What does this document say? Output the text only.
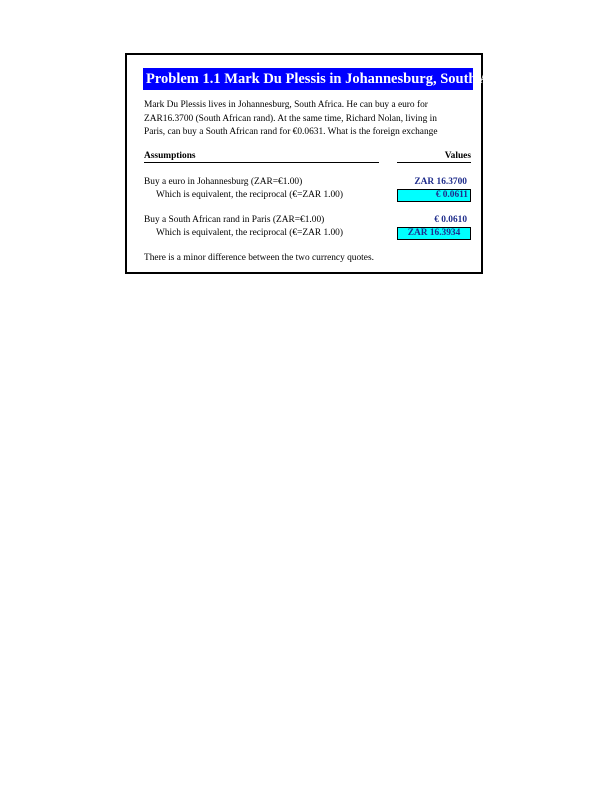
Problem 1.1 Mark Du Plessis in Johannesburg, South Africa
Mark Du Plessis lives in Johannesburg, South Africa. He can buy a euro for
ZAR16.3700 (South African rand). At the same time, Richard Nolan, living in
Paris, can buy a South African rand for €0.0631. What is the foreign exchange
Assumptions	Values
Buy a euro in Johannesburg (ZAR=€1.00)	ZAR 16.3700
Which is equivalent, the reciprocal (€=ZAR 1.00)	€ 0.0611
Buy a South African rand in Paris (ZAR=€1.00)	€ 0.0610
Which is equivalent, the reciprocal (€=ZAR 1.00)	ZAR 16.3934
There is a minor difference between the two currency quotes.
